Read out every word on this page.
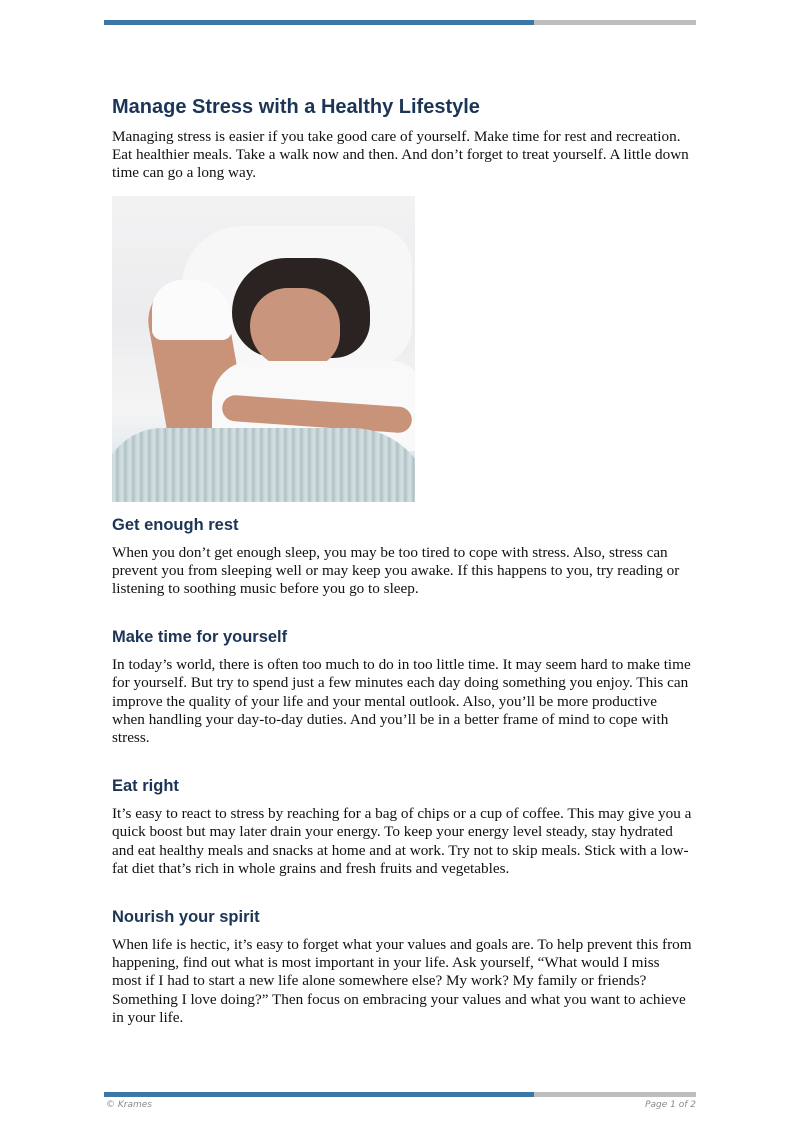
Manage Stress with a Healthy Lifestyle

Managing stress is easier if you take good care of yourself. Make time for rest and recreation. Eat healthier meals. Take a walk now and then. And don’t forget to treat yourself. A little down time can go a long way.

Get enough rest

When you don’t get enough sleep, you may be too tired to cope with stress. Also, stress can prevent you from sleeping well or may keep you awake. If this happens to you, try reading or listening to soothing music before you go to sleep.

Make time for yourself

In today’s world, there is often too much to do in too little time. It may seem hard to make time for yourself. But try to spend just a few minutes each day doing something you enjoy. This can improve the quality of your life and your mental outlook. Also, you’ll be more productive when handling your day-to-day duties. And you’ll be in a better frame of mind to cope with stress.

Eat right

It’s easy to react to stress by reaching for a bag of chips or a cup of coffee. This may give you a quick boost but may later drain your energy. To keep your energy level steady, stay hydrated and eat healthy meals and snacks at home and at work. Try not to skip meals. Stick with a low-fat diet that’s rich in whole grains and fresh fruits and vegetables.

Nourish your spirit

When life is hectic, it’s easy to forget what your values and goals are. To help prevent this from happening, find out what is most important in your life. Ask yourself, “What would I miss most if I had to start a new life alone somewhere else? My work? My family or friends? Something I love doing?” Then focus on embracing your values and what you want to achieve in your life.

© Krames	Page 1 of 2
